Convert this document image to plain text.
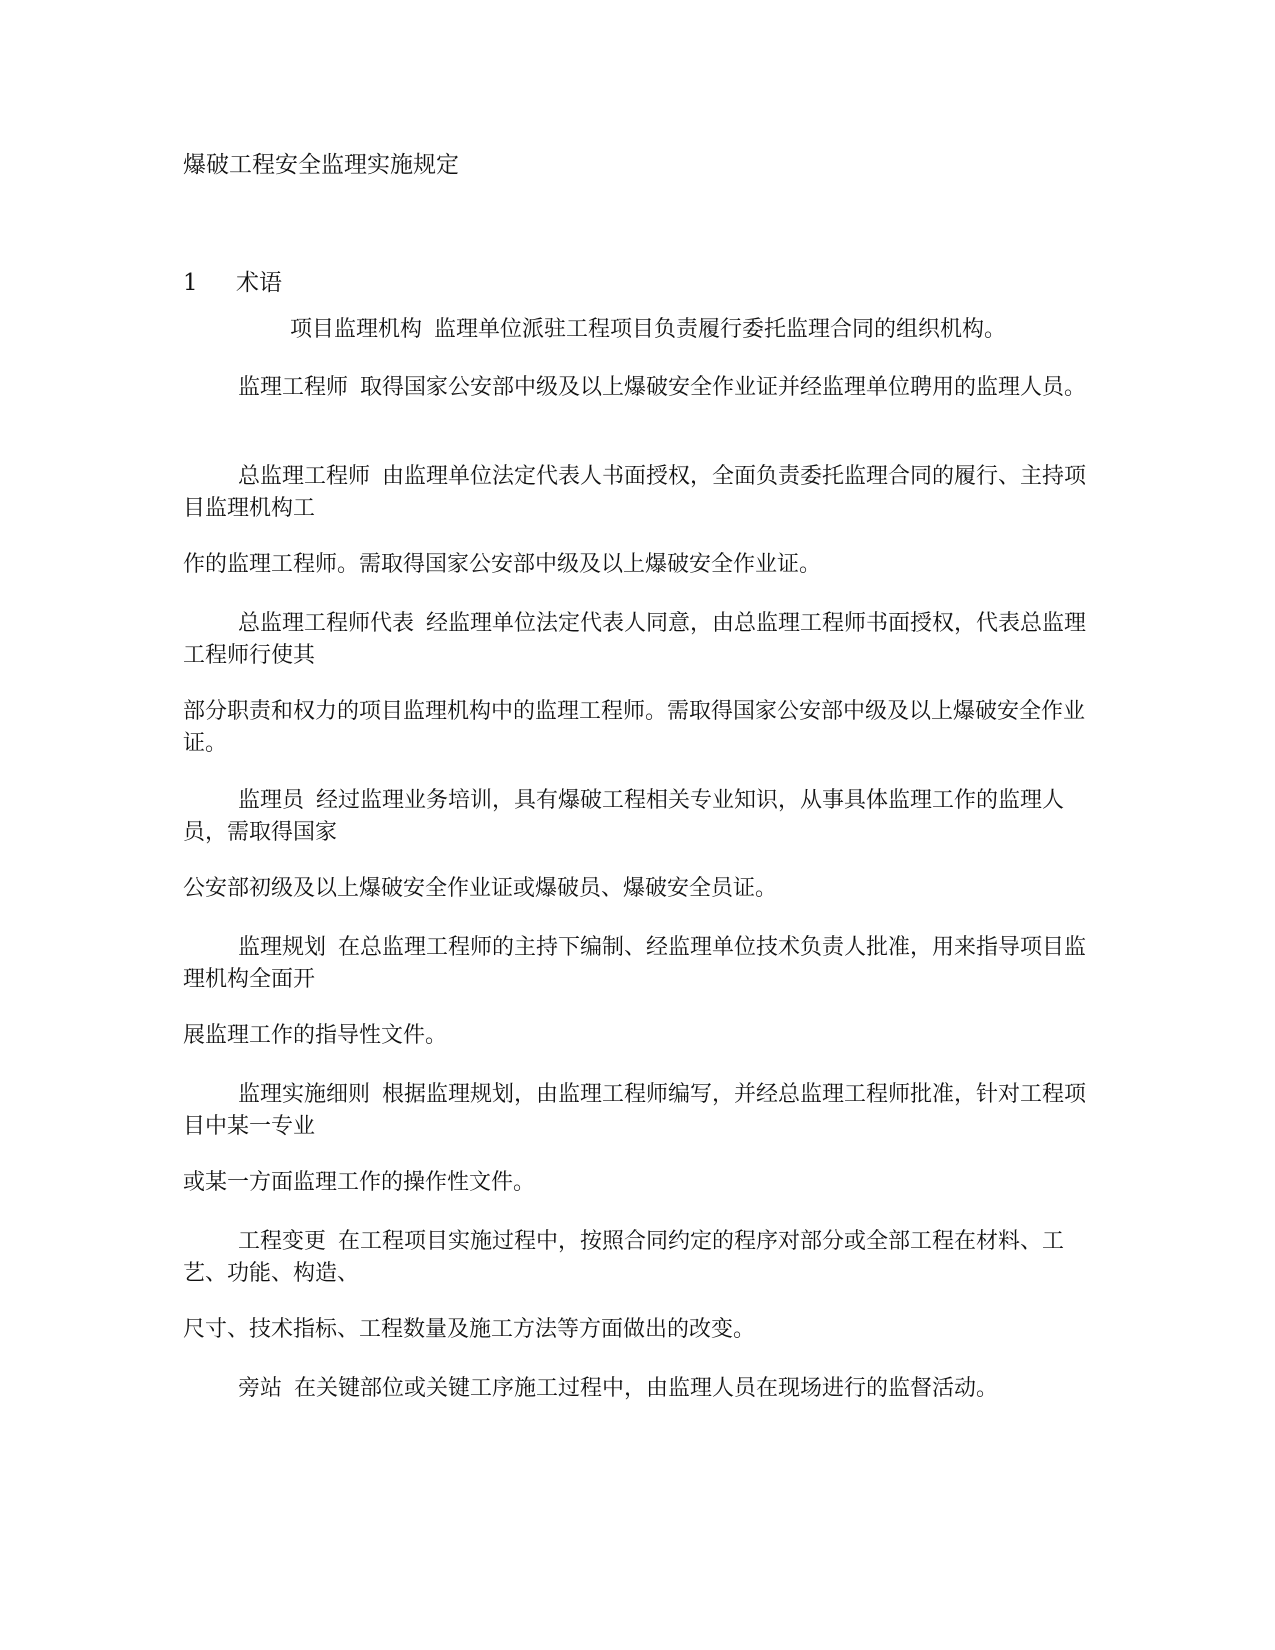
爆破工程安全监理实施规定
1 术语

项目监理机构 监理单位派驻工程项目负责履行委托监理合同的组织机构。

监理工程师 取得国家公安部中级及以上爆破安全作业证并经监理单位聘用的监理人员。

总监理工程师 由监理单位法定代表人书面授权，全面负责委托监理合同的履行、主持项目监理机构工

作的监理工程师。需取得国家公安部中级及以上爆破安全作业证。

总监理工程师代表 经监理单位法定代表人同意，由总监理工程师书面授权，代表总监理工程师行使其

部分职责和权力的项目监理机构中的监理工程师。需取得国家公安部中级及以上爆破安全作业证。

监理员 经过监理业务培训，具有爆破工程相关专业知识，从事具体监理工作的监理人员，需取得国家

公安部初级及以上爆破安全作业证或爆破员、爆破安全员证。

监理规划 在总监理工程师的主持下编制、经监理单位技术负责人批准，用来指导项目监理机构全面开

展监理工作的指导性文件。

监理实施细则 根据监理规划，由监理工程师编写，并经总监理工程师批准，针对工程项目中某一专业

或某一方面监理工作的操作性文件。

工程变更 在工程项目实施过程中，按照合同约定的程序对部分或全部工程在材料、工艺、功能、构造、

尺寸、技术指标、工程数量及施工方法等方面做出的改变。

旁站 在关键部位或关键工序施工过程中，由监理人员在现场进行的监督活动。
